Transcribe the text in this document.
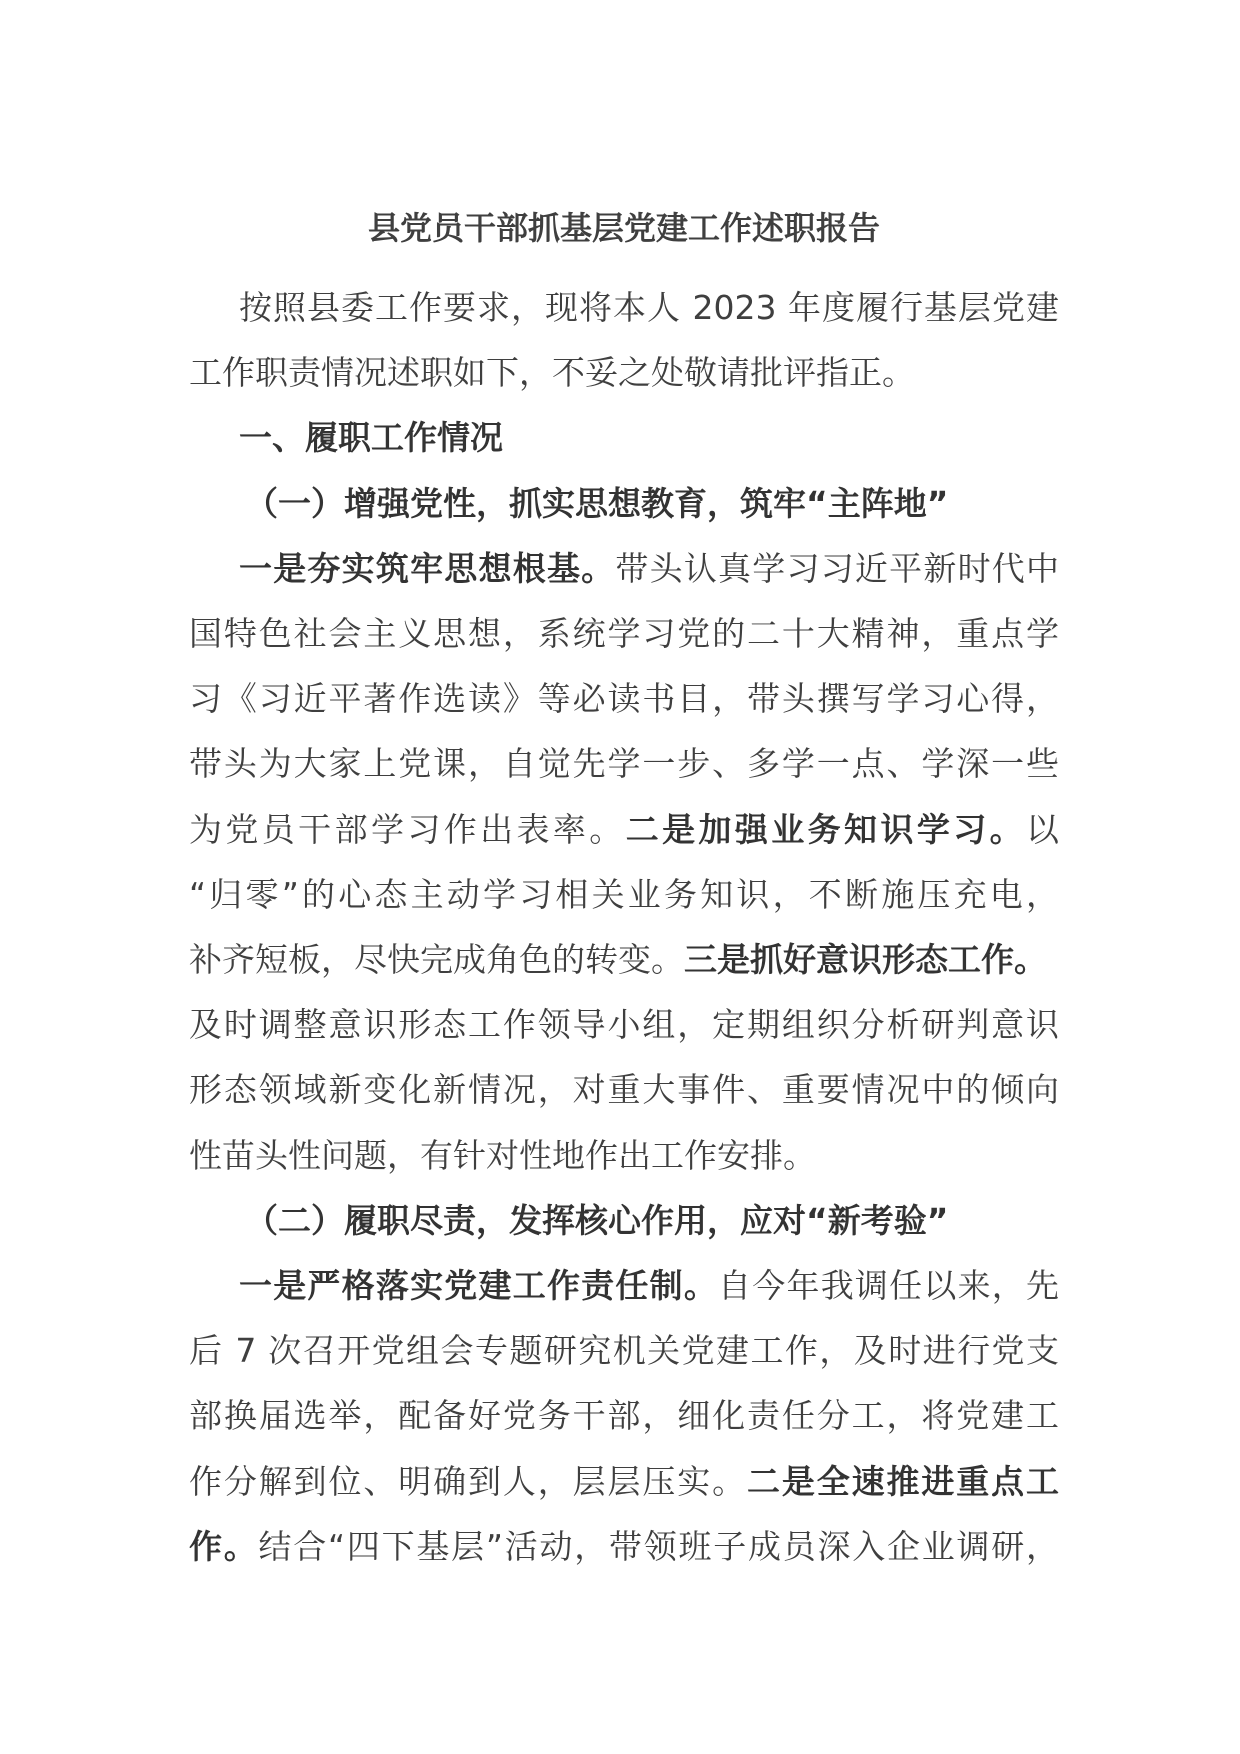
县党员干部抓基层党建工作述职报告
按照县委工作要求，现将本人 2023 年度履行基层党建
工作职责情况述职如下，不妥之处敬请批评指正。
一、履职工作情况
（一）增强党性，抓实思想教育，筑牢“主阵地”
一是夯实筑牢思想根基。带头认真学习习近平新时代中
国特色社会主义思想，系统学习党的二十大精神，重点学
习《习近平著作选读》等必读书目，带头撰写学习心得，
带头为大家上党课，自觉先学一步、多学一点、学深一些
为党员干部学习作出表率。二是加强业务知识学习。以
“归零”的心态主动学习相关业务知识，不断施压充电，
补齐短板，尽快完成角色的转变。三是抓好意识形态工作。
及时调整意识形态工作领导小组，定期组织分析研判意识
形态领域新变化新情况，对重大事件、重要情况中的倾向
性苗头性问题，有针对性地作出工作安排。
（二）履职尽责，发挥核心作用，应对“新考验”
一是严格落实党建工作责任制。自今年我调任以来，先
后 7 次召开党组会专题研究机关党建工作，及时进行党支
部换届选举，配备好党务干部，细化责任分工，将党建工
作分解到位、明确到人，层层压实。二是全速推进重点工
作。结合“四下基层”活动，带领班子成员深入企业调研，
